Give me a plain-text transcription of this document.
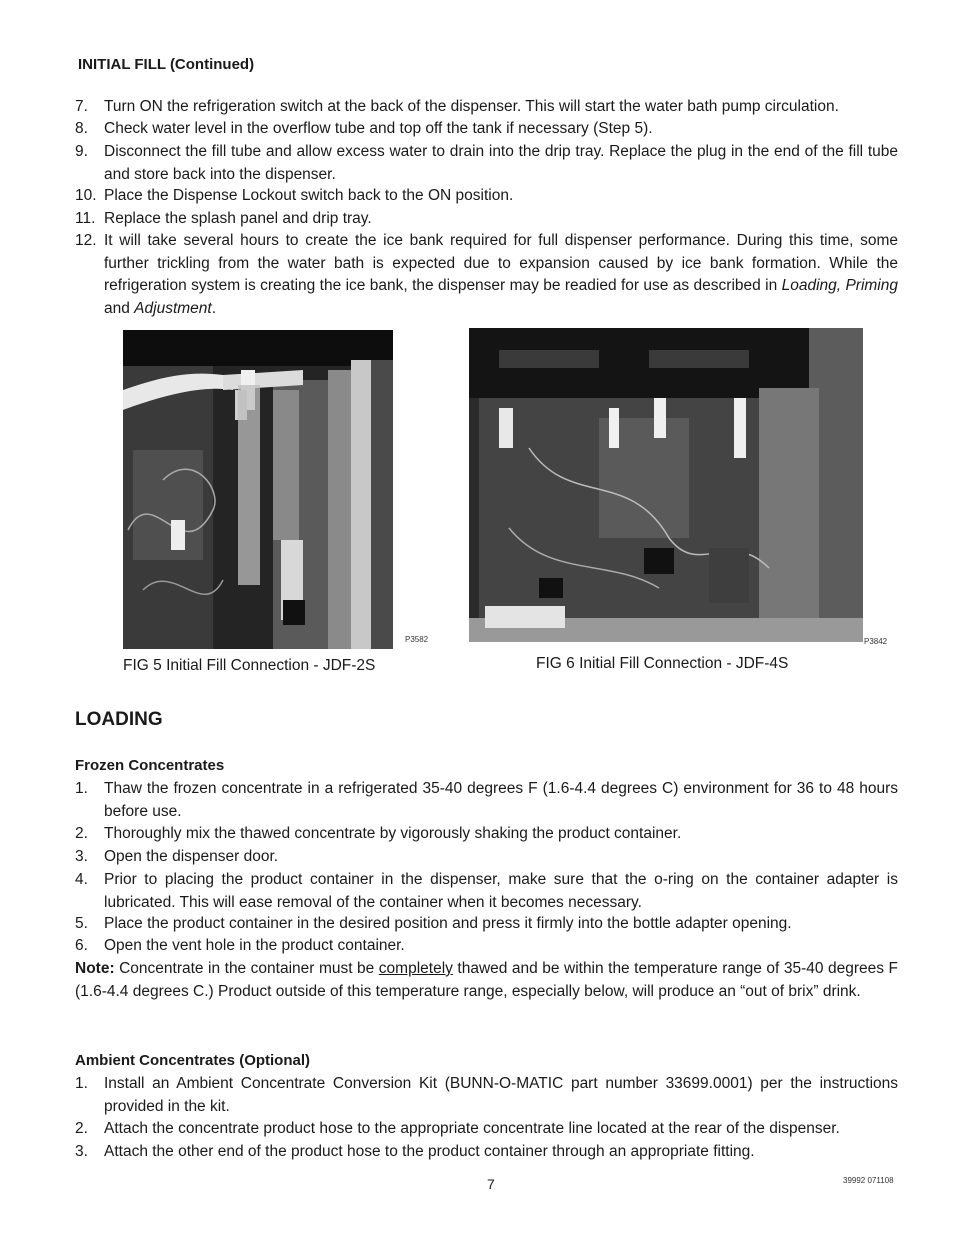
INITIAL FILL (Continued)
7. Turn ON the refrigeration switch at the back of the dispenser. This will start the water bath pump circulation.
8. Check water level in the overflow tube and top off the tank if necessary (Step 5).
9. Disconnect the fill tube and allow excess water to drain into the drip tray. Replace the plug in the end of the fill tube and store back into the dispenser.
10. Place the Dispense Lockout switch back to the ON position.
11. Replace the splash panel and drip tray.
12. It will take several hours to create the ice bank required for full dispenser performance. During this time, some further trickling from the water bath is expected due to expansion caused by ice bank formation. While the refrigeration system is creating the ice bank, the dispenser may be readied for use as described in Loading, Priming and Adjustment.
P3582
FIG 5 Initial Fill Connection - JDF-2S
P3842
FIG 6 Initial Fill Connection - JDF-4S
LOADING
Frozen Concentrates
1. Thaw the frozen concentrate in a refrigerated 35-40 degrees F (1.6-4.4 degrees C) environment for 36 to 48 hours before use.
2. Thoroughly mix the thawed concentrate by vigorously shaking the product container.
3. Open the dispenser door.
4. Prior to placing the product container in the dispenser, make sure that the o-ring on the container adapter is lubricated. This will ease removal of the container when it becomes necessary.
5. Place the product container in the desired position and press it firmly into the bottle adapter opening.
6. Open the vent hole in the product container.
Note: Concentrate in the container must be completely thawed and be within the temperature range of 35-40 degrees F (1.6-4.4 degrees C.) Product outside of this temperature range, especially below, will produce an “out of brix” drink.
Ambient Concentrates (Optional)
1. Install an Ambient Concentrate Conversion Kit (BUNN-O-MATIC part number 33699.0001) per the instructions provided in the kit.
2. Attach the concentrate product hose to the appropriate concentrate line located at the rear of the dispenser.
3. Attach the other end of the product hose to the product container through an appropriate fitting.
7	39992 071108
